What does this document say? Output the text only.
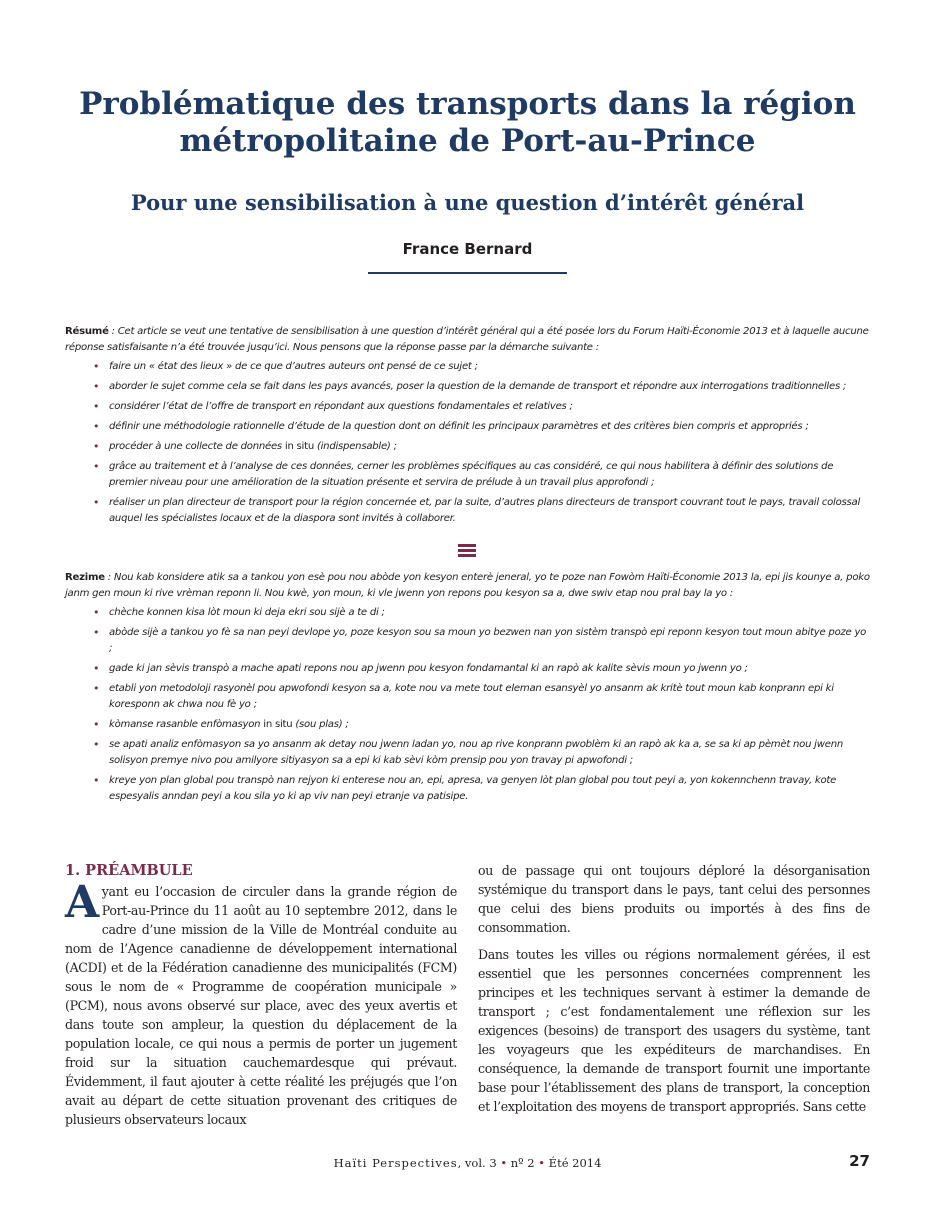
Problématique des transports dans la région
métropolitaine de Port-au-Prince
Pour une sensibilisation à une question d’intérêt général
France Bernard
Résumé : Cet article se veut une tentative de sensibilisation à une question d’intérêt général qui a été posée lors du Forum Haïti-Économie 2013 et à laquelle aucune réponse satisfaisante n’a été trouvée jusqu’ici. Nous pensons que la réponse passe par la démarche suivante :
• faire un « état des lieux » de ce que d’autres auteurs ont pensé de ce sujet ;
• aborder le sujet comme cela se fait dans les pays avancés, poser la question de la demande de transport et répondre aux interrogations traditionnelles ;
• considérer l’état de l’offre de transport en répondant aux questions fondamentales et relatives ;
• définir une méthodologie rationnelle d’étude de la question dont on définit les principaux paramètres et des critères bien compris et appropriés ;
• procéder à une collecte de données in situ (indispensable) ;
• grâce au traitement et à l’analyse de ces données, cerner les problèmes spécifiques au cas considéré, ce qui nous habilitera à définir des solutions de premier niveau pour une amélioration de la situation présente et servira de prélude à un travail plus approfondi ;
• réaliser un plan directeur de transport pour la région concernée et, par la suite, d’autres plans directeurs de transport couvrant tout le pays, travail colossal auquel les spécialistes locaux et de la diaspora sont invités à collaborer.
Rezime : Nou kab konsidere atik sa a tankou yon esè pou nou abòde yon kesyon enterè jeneral, yo te poze nan Fowòm Haïti-Économie 2013 la, epi jis kounye a, poko janm gen moun ki rive vrèman reponn li. Nou kwè, yon moun, ki vle jwenn yon repons pou kesyon sa a, dwe swiv etap nou pral bay la yo :
• chèche konnen kisa lòt moun ki deja ekri sou sijè a te di ;
• abòde sijè a tankou yo fè sa nan peyi devlope yo, poze kesyon sou sa moun yo bezwen nan yon sistèm transpò epi reponn kesyon tout moun abitye poze yo ;
• gade ki jan sèvis transpò a mache apati repons nou ap jwenn pou kesyon fondamantal ki an rapò ak kalite sèvis moun yo jwenn yo ;
• etabli yon metodoloji rasyonèl pou apwofondi kesyon sa a, kote nou va mete tout eleman esansyèl yo ansanm ak kritè tout moun kab konprann epi ki koresponn ak chwa nou fè yo ;
• kòmanse rasanble enfòmasyon in situ (sou plas) ;
• se apati analiz enfòmasyon sa yo ansanm ak detay nou jwenn ladan yo, nou ap rive konprann pwoblèm ki an rapò ak ka a, se sa ki ap pèmèt nou jwenn solisyon premye nivo pou amilyore sitiyasyon sa a epi ki kab sèvi kòm prensip pou yon travay pi apwofondi ;
• kreye yon plan global pou transpò nan rejyon ki enterese nou an, epi, apresa, va genyen lòt plan global pou tout peyi a, yon kokennchenn travay, kote espesyalis anndan peyi a kou sila yo ki ap viv nan peyi etranje va patisipe.
1. PRÉAMBULE

Ayant eu l’occasion de circuler dans la grande région de Port-au-Prince du 11 août au 10 septembre 2012, dans le cadre d’une mission de la Ville de Montréal conduite au nom de l’Agence canadienne de développement international (ACDI) et de la Fédération canadienne des municipalités (FCM) sous le nom de « Programme de coopération municipale » (PCM), nous avons observé sur place, avec des yeux avertis et dans toute son ampleur, la question du déplacement de la population locale, ce qui nous a permis de porter un jugement froid sur la situation cauchemardesque qui prévaut. Évidemment, il faut ajouter à cette réalité les préjugés que l’on avait au départ de cette situation provenant des critiques de plusieurs observateurs locaux

ou de passage qui ont toujours déploré la désorganisation systémique du transport dans le pays, tant celui des personnes que celui des biens produits ou importés à des fins de consommation.

Dans toutes les villes ou régions normalement gérées, il est essentiel que les personnes concernées comprennent les principes et les techniques servant à estimer la demande de transport ; c’est fondamentalement une réflexion sur les exigences (besoins) de transport des usagers du système, tant les voyageurs que les expéditeurs de marchandises. En conséquence, la demande de transport fournit une importante base pour l’établissement des plans de transport, la conception et l’exploitation des moyens de transport appropriés. Sans cette

Haïti Perspectives, vol. 3 • nº 2 • Été 2014	27
